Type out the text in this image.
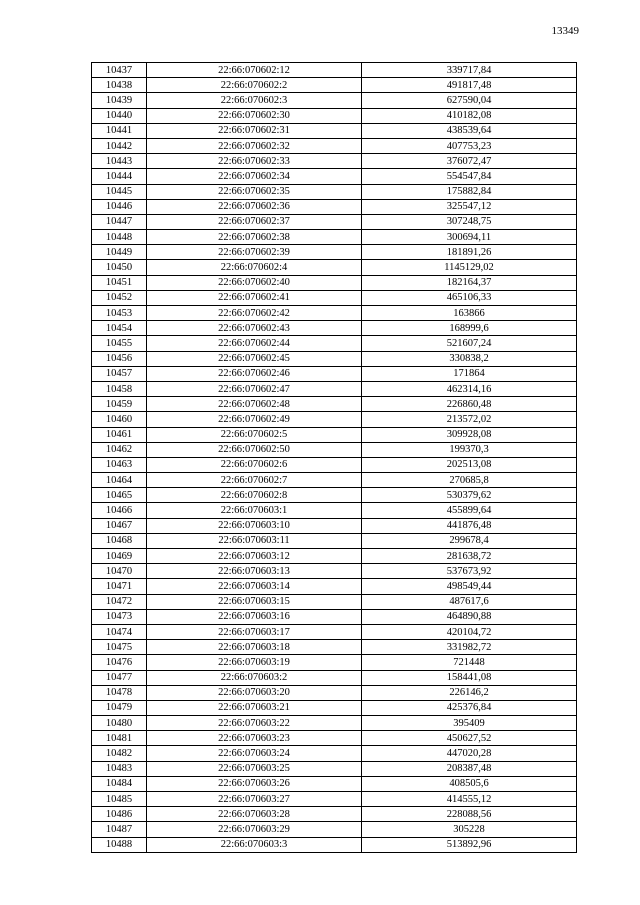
13349
10437	22:66:070602:12	339717,84
10438	22:66:070602:2	491817,48
10439	22:66:070602:3	627590,04
10440	22:66:070602:30	410182,08
10441	22:66:070602:31	438539,64
10442	22:66:070602:32	407753,23
10443	22:66:070602:33	376072,47
10444	22:66:070602:34	554547,84
10445	22:66:070602:35	175882,84
10446	22:66:070602:36	325547,12
10447	22:66:070602:37	307248,75
10448	22:66:070602:38	300694,11
10449	22:66:070602:39	181891,26
10450	22:66:070602:4	1145129,02
10451	22:66:070602:40	182164,37
10452	22:66:070602:41	465106,33
10453	22:66:070602:42	163866
10454	22:66:070602:43	168999,6
10455	22:66:070602:44	521607,24
10456	22:66:070602:45	330838,2
10457	22:66:070602:46	171864
10458	22:66:070602:47	462314,16
10459	22:66:070602:48	226860,48
10460	22:66:070602:49	213572,02
10461	22:66:070602:5	309928,08
10462	22:66:070602:50	199370,3
10463	22:66:070602:6	202513,08
10464	22:66:070602:7	270685,8
10465	22:66:070602:8	530379,62
10466	22:66:070603:1	455899,64
10467	22:66:070603:10	441876,48
10468	22:66:070603:11	299678,4
10469	22:66:070603:12	281638,72
10470	22:66:070603:13	537673,92
10471	22:66:070603:14	498549,44
10472	22:66:070603:15	487617,6
10473	22:66:070603:16	464890,88
10474	22:66:070603:17	420104,72
10475	22:66:070603:18	331982,72
10476	22:66:070603:19	721448
10477	22:66:070603:2	158441,08
10478	22:66:070603:20	226146,2
10479	22:66:070603:21	425376,84
10480	22:66:070603:22	395409
10481	22:66:070603:23	450627,52
10482	22:66:070603:24	447020,28
10483	22:66:070603:25	208387,48
10484	22:66:070603:26	408505,6
10485	22:66:070603:27	414555,12
10486	22:66:070603:28	228088,56
10487	22:66:070603:29	305228
10488	22:66:070603:3	513892,96
